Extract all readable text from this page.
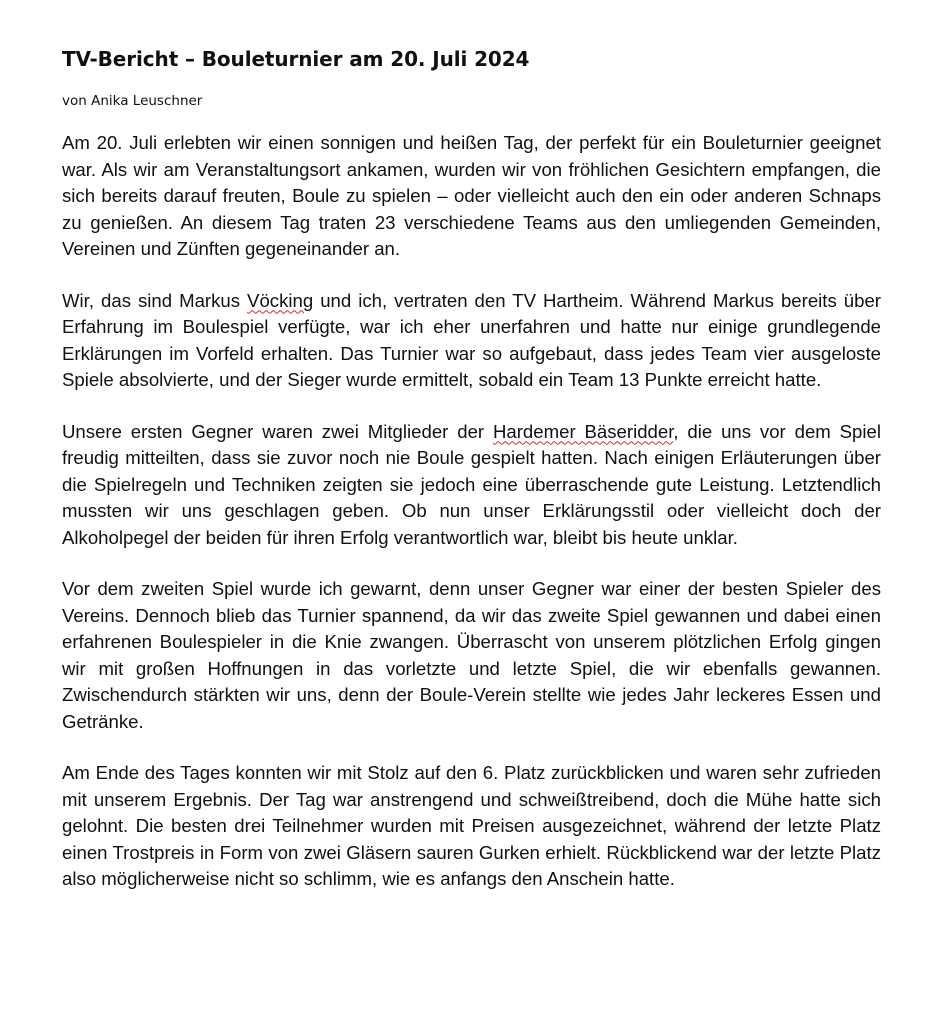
TV-Bericht – Bouleturnier am 20. Juli 2024
von Anika Leuschner

Am 20. Juli erlebten wir einen sonnigen und heißen Tag, der perfekt für ein Bouleturnier geeignet war. Als wir am Veranstaltungsort ankamen, wurden wir von fröhlichen Gesichtern empfangen, die sich bereits darauf freuten, Boule zu spielen – oder vielleicht auch den ein oder anderen Schnaps zu genießen. An diesem Tag traten 23 verschiedene Teams aus den umliegenden Gemeinden, Vereinen und Zünften gegeneinander an.

Wir, das sind Markus Vöcking und ich, vertraten den TV Hartheim. Während Markus bereits über Erfahrung im Boulespiel verfügte, war ich eher unerfahren und hatte nur einige grundlegende Erklärungen im Vorfeld erhalten. Das Turnier war so aufgebaut, dass jedes Team vier ausgeloste Spiele absolvierte, und der Sieger wurde ermittelt, sobald ein Team 13 Punkte erreicht hatte.

Unsere ersten Gegner waren zwei Mitglieder der Hardemer Bäseridder, die uns vor dem Spiel freudig mitteilten, dass sie zuvor noch nie Boule gespielt hatten. Nach einigen Erläuterungen über die Spielregeln und Techniken zeigten sie jedoch eine überraschende gute Leistung. Letztendlich mussten wir uns geschlagen geben. Ob nun unser Erklärungsstil oder vielleicht doch der Alkoholpegel der beiden für ihren Erfolg verantwortlich war, bleibt bis heute unklar.

Vor dem zweiten Spiel wurde ich gewarnt, denn unser Gegner war einer der besten Spieler des Vereins. Dennoch blieb das Turnier spannend, da wir das zweite Spiel gewannen und dabei einen erfahrenen Boulespieler in die Knie zwangen. Überrascht von unserem plötzlichen Erfolg gingen wir mit großen Hoffnungen in das vorletzte und letzte Spiel, die wir ebenfalls gewannen. Zwischendurch stärkten wir uns, denn der Boule-Verein stellte wie jedes Jahr leckeres Essen und Getränke.

Am Ende des Tages konnten wir mit Stolz auf den 6. Platz zurückblicken und waren sehr zufrieden mit unserem Ergebnis. Der Tag war anstrengend und schweißtreibend, doch die Mühe hatte sich gelohnt. Die besten drei Teilnehmer wurden mit Preisen ausgezeichnet, während der letzte Platz einen Trostpreis in Form von zwei Gläsern sauren Gurken erhielt. Rückblickend war der letzte Platz also möglicherweise nicht so schlimm, wie es anfangs den Anschein hatte.
